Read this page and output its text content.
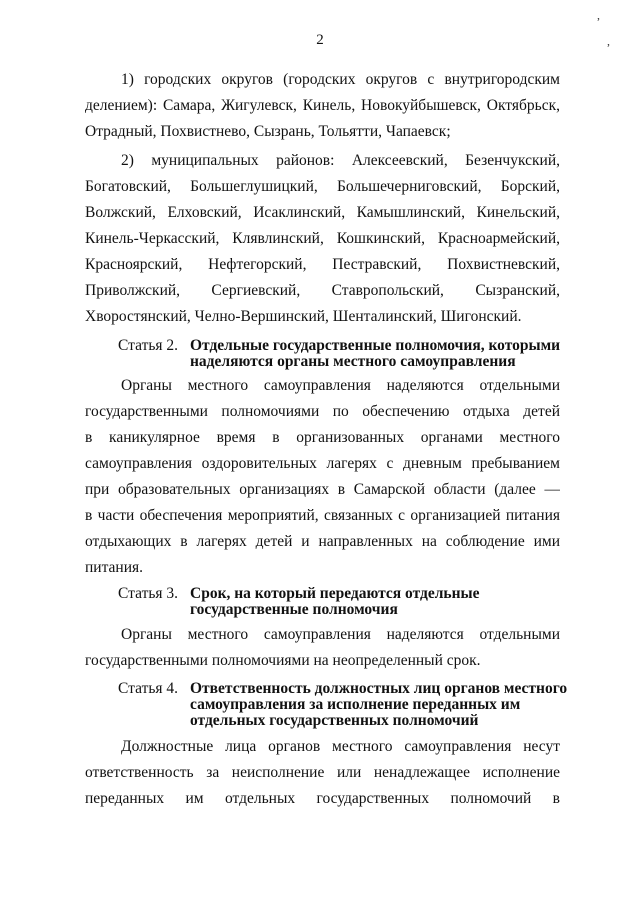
,
,
2
1) городских округов (городских округов с внутригородским
делением): Самара, Жигулевск, Кинель, Новокуйбышевск, Октябрьск,
Отрадный, Похвистнево, Сызрань, Тольятти, Чапаевск;
2) муниципальных районов: Алексеевский, Безенчукский,
Богатовский, Большеглушицкий, Большечерниговский, Борский,
Волжский, Елховский, Исаклинский, Камышлинский, Кинельский,
Кинель-Черкасский, Клявлинский, Кошкинский, Красноармейский,
Красноярский, Нефтегорский, Пестравский, Похвистневский,
Приволжский, Сергиевский, Ставропольский, Сызранский,
Хворостянский, Челно-Вершинский, Шенталинский, Шигонский.
Статья 2. Отдельные государственные полномочия, которыми
наделяются органы местного самоуправления
Органы местного самоуправления наделяются отдельными
государственными полномочиями по обеспечению отдыха детей
в каникулярное время в организованных органами местного
самоуправления оздоровительных лагерях с дневным пребыванием
при образовательных организациях в Самарской области (далее —
в части обеспечения мероприятий, связанных с организацией питания
отдыхающих в лагерях детей и направленных на соблюдение ими
питания.
Статья 3. Срок, на который передаются отдельные
государственные полномочия
Органы местного самоуправления наделяются отдельными
государственными полномочиями на неопределенный срок.
Статья 4. Ответственность должностных лиц органов местного
самоуправления за исполнение переданных им
отдельных государственных полномочий
Должностные лица органов местного самоуправления несут
ответственность за неисполнение или ненадлежащее исполнение
переданных им отдельных государственных полномочий в
